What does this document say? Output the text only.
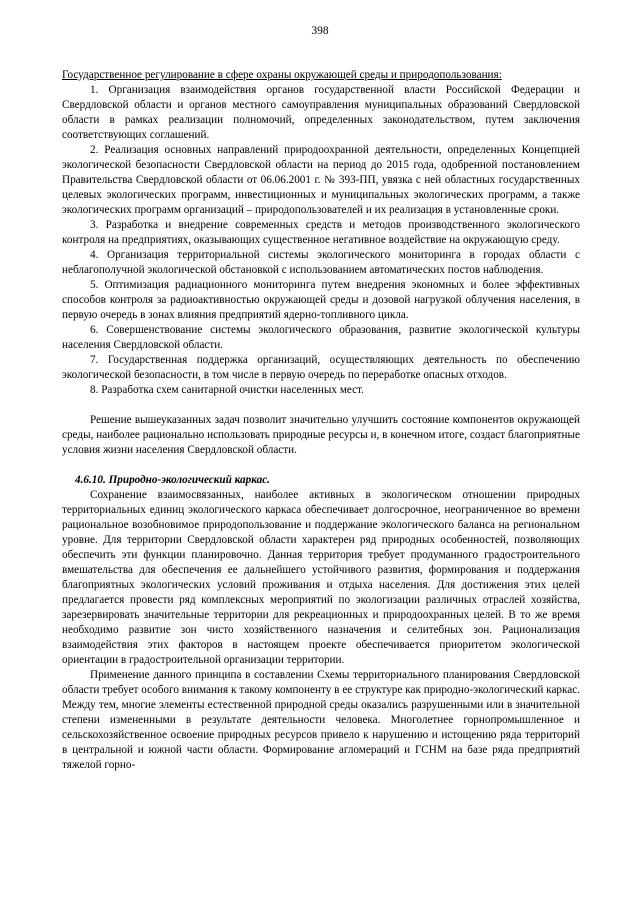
398

Государственное регулирование в сфере охраны окружающей среды и природопользования:

1. Организация взаимодействия органов государственной власти Российской Федерации и Свердловской области и органов местного самоуправления муниципальных образований Свердловской области в рамках реализации полномочий, определенных законодательством, путем заключения соответствующих соглашений.

2. Реализация основных направлений природоохранной деятельности, определенных Концепцией экологической безопасности Свердловской области на период до 2015 года, одобренной постановлением Правительства Свердловской области от 06.06.2001 г. № 393-ПП, увязка с ней областных государственных целевых экологических программ, инвестиционных и муниципальных экологических программ, а также экологических программ организаций – природопользователей и их реализация в установленные сроки.

3. Разработка и внедрение современных средств и методов производственного экологического контроля на предприятиях, оказывающих существенное негативное воздействие на окружающую среду.

4. Организация территориальной системы экологического мониторинга в городах области с неблагополучной экологической обстановкой с использованием автоматических постов наблюдения.

5. Оптимизация радиационного мониторинга путем внедрения экономных и более эффективных способов контроля за радиоактивностью окружающей среды и дозовой нагрузкой облучения населения, в первую очередь в зонах влияния предприятий ядерно-топливного цикла.

6. Совершенствование системы экологического образования, развитие экологической культуры населения Свердловской области.

7. Государственная поддержка организаций, осуществляющих деятельность по обеспечению экологической безопасности, в том числе в первую очередь по переработке опасных отходов.

8. Разработка схем санитарной очистки населенных мест.

Решение вышеуказанных задач позволит значительно улучшить состояние компонентов окружающей среды, наиболее рационально использовать природные ресурсы и, в конечном итоге, создаст благоприятные условия жизни населения Свердловской области.

4.6.10. Природно-экологический каркас.

Сохранение взаимосвязанных, наиболее активных в экологическом отношении природных территориальных единиц экологического каркаса обеспечивает долгосрочное, неограниченное во времени рациональное возобновимое природопользование и поддержание экологического баланса на региональном уровне. Для территории Свердловской области характерен ряд природных особенностей, позволяющих обеспечить эти функции планировочно. Данная территория требует продуманного градостроительного вмешательства для обеспечения ее дальнейшего устойчивого развития, формирования и поддержания благоприятных экологических условий проживания и отдыха населения. Для достижения этих целей предлагается провести ряд комплексных мероприятий по экологизации различных отраслей хозяйства, зарезервировать значительные территории для рекреационных и природоохранных целей. В то же время необходимо развитие зон чисто хозяйственного назначения и селитебных зон. Рационализация взаимодействия этих факторов в настоящем проекте обеспечивается приоритетом экологической ориентации в градостроительной организации территории.

Применение данного принципа в составлении Схемы территориального планирования Свердловской области требует особого внимания к такому компоненту в ее структуре как природно-экологический каркас. Между тем, многие элементы естественной природной среды оказались разрушенными или в значительной степени измененными в результате деятельности человека. Многолетнее горнопромышленное и сельскохозяйственное освоение природных ресурсов привело к нарушению и истощению ряда территорий в центральной и южной части области. Формирование агломераций и ГСНМ на базе ряда предприятий тяжелой горно-
